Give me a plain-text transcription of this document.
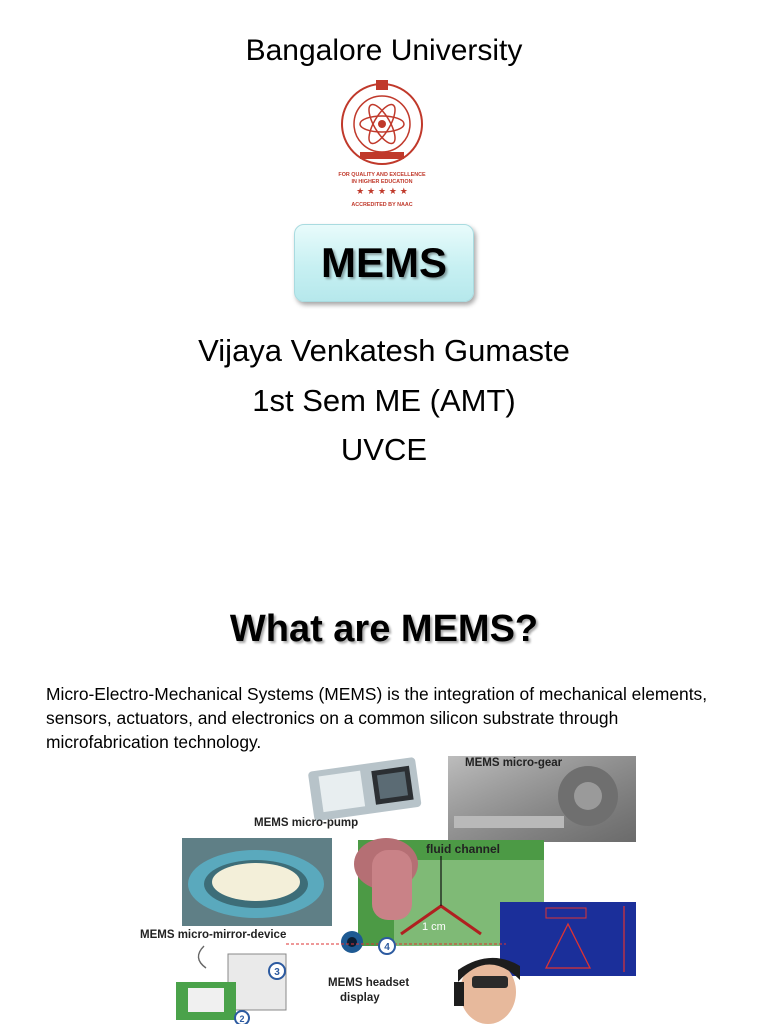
Bangalore University
FOR QUALITY AND EXCELLENCE
IN HIGHER EDUCATION
★ ★ ★ ★ ★
ACCREDITED BY NAAC
MEMS
Vijaya Venkatesh Gumaste
1st Sem ME (AMT)
UVCE
What are MEMS?
Micro-Electro-Mechanical Systems (MEMS) is the integration of mechanical elements, sensors, actuators, and electronics on a common silicon substrate through microfabrication technology.
MEMS micro-gear
MEMS micro-pump
MEMS micro-mirror-device
fluid channel
1 cm
4
3
2
MEMS headset
display
